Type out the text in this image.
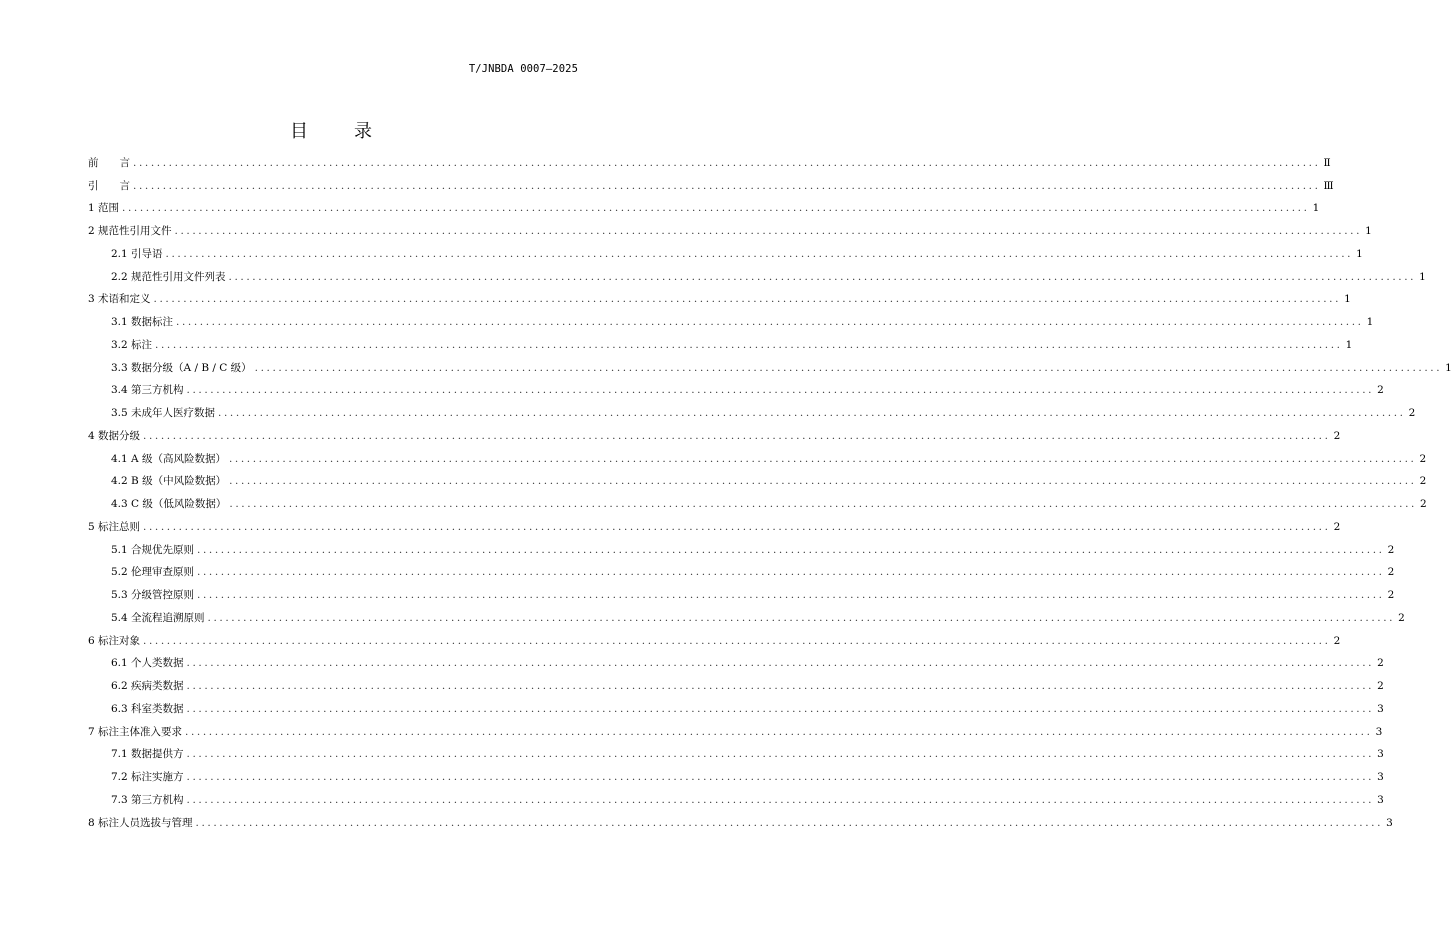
T/JNBDA 0007—2025
目　录
前　　言 ........................................................................................................................................................................................................ Ⅱ
引　　言 ........................................................................................................................................................................................................ Ⅲ
1 范围 ........................................................................................................................................................................................................ 1
2 规范性引用文件 ........................................................................................................................................................................................................ 1
2.1 引导语 ........................................................................................................................................................................................................ 1
2.2 规范性引用文件列表 ........................................................................................................................................................................................................ 1
3 术语和定义 ........................................................................................................................................................................................................ 1
3.1 数据标注 ........................................................................................................................................................................................................ 1
3.2 标注 ........................................................................................................................................................................................................ 1
3.3 数据分级（A / B / C 级） ........................................................................................................................................................................................................ 1
3.4 第三方机构 ........................................................................................................................................................................................................ 2
3.5 未成年人医疗数据 ........................................................................................................................................................................................................ 2
4 数据分级 ........................................................................................................................................................................................................ 2
4.1 A 级（高风险数据） ........................................................................................................................................................................................................ 2
4.2 B 级（中风险数据） ........................................................................................................................................................................................................ 2
4.3 C 级（低风险数据） ........................................................................................................................................................................................................ 2
5 标注总则 ........................................................................................................................................................................................................ 2
5.1 合规优先原则 ........................................................................................................................................................................................................ 2
5.2 伦理审查原则 ........................................................................................................................................................................................................ 2
5.3 分级管控原则 ........................................................................................................................................................................................................ 2
5.4 全流程追溯原则 ........................................................................................................................................................................................................ 2
6 标注对象 ........................................................................................................................................................................................................ 2
6.1 个人类数据 ........................................................................................................................................................................................................ 2
6.2 疾病类数据 ........................................................................................................................................................................................................ 2
6.3 科室类数据 ........................................................................................................................................................................................................ 3
7 标注主体准入要求 ........................................................................................................................................................................................................ 3
7.1 数据提供方 ........................................................................................................................................................................................................ 3
7.2 标注实施方 ........................................................................................................................................................................................................ 3
7.3 第三方机构 ........................................................................................................................................................................................................ 3
8 标注人员选拔与管理 ........................................................................................................................................................................................................ 3
